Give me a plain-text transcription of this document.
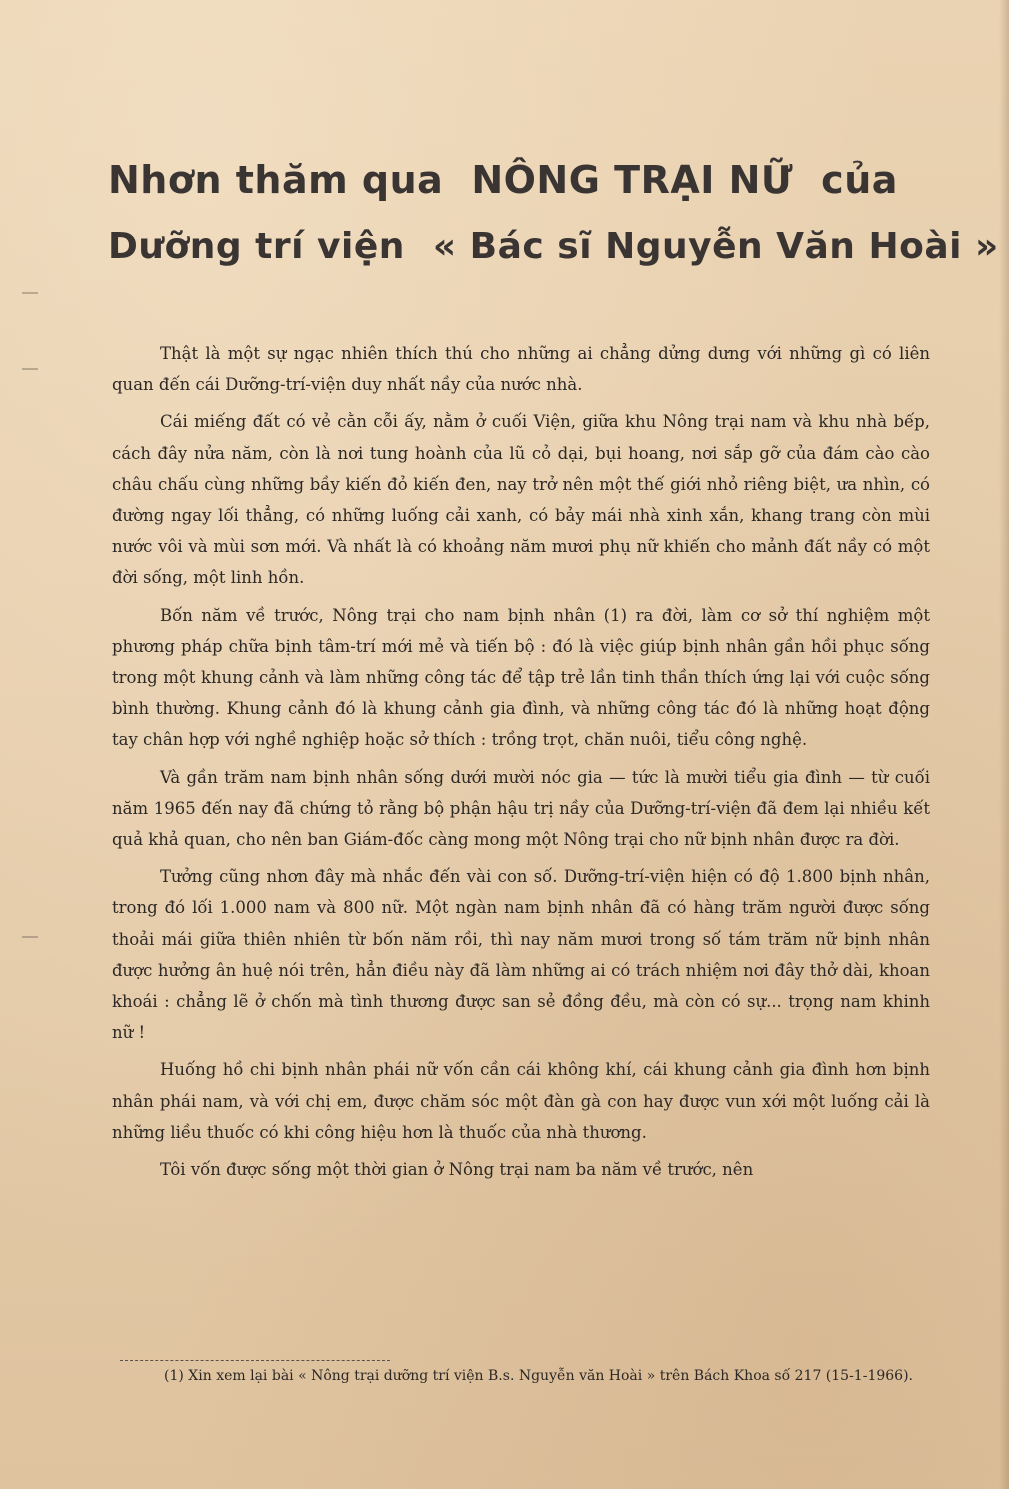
Nhơn thăm qua NÔNG TRẠI NỮ của
Dưỡng trí viện « Bác sĩ Nguyễn Văn Hoài »

Thật là một sự ngạc nhiên thích thú cho những ai chẳng dửng dưng với những gì có liên quan đến cái Dưỡng-trí-viện duy nhất nầy của nước nhà.

Cái miếng đất có vẻ cằn cỗi ấy, nằm ở cuối Viện, giữa khu Nông trại nam và khu nhà bếp, cách đây nửa năm, còn là nơi tung hoành của lũ cỏ dại, bụi hoang, nơi sắp gỡ của đám cào cào châu chấu cùng những bầy kiến đỏ kiến đen, nay trở nên một thế giới nhỏ riêng biệt, ưa nhìn, có đường ngay lối thẳng, có những luống cải xanh, có bảy mái nhà xinh xắn, khang trang còn mùi nước vôi và mùi sơn mới. Và nhất là có khoảng năm mươi phụ nữ khiến cho mảnh đất nầy có một đời sống, một linh hồn.

Bốn năm về trước, Nông trại cho nam bịnh nhân (1) ra đời, làm cơ sở thí nghiệm một phương pháp chữa bịnh tâm-trí mới mẻ và tiến bộ : đó là việc giúp bịnh nhân gần hồi phục sống trong một khung cảnh và làm những công tác để tập trẻ lần tinh thần thích ứng lại với cuộc sống bình thường. Khung cảnh đó là khung cảnh gia đình, và những công tác đó là những hoạt động tay chân hợp với nghề nghiệp hoặc sở thích : trồng trọt, chăn nuôi, tiểu công nghệ.

Và gần trăm nam bịnh nhân sống dưới mười nóc gia — tức là mười tiểu gia đình — từ cuối năm 1965 đến nay đã chứng tỏ rằng bộ phận hậu trị nầy của Dưỡng-trí-viện đã đem lại nhiều kết quả khả quan, cho nên ban Giám-đốc càng mong một Nông trại cho nữ bịnh nhân được ra đời.

Tưởng cũng nhơn đây mà nhắc đến vài con số. Dưỡng-trí-viện hiện có độ 1.800 bịnh nhân, trong đó lối 1.000 nam và 800 nữ. Một ngàn nam bịnh nhân đã có hàng trăm người được sống thoải mái giữa thiên nhiên từ bốn năm rồi, thì nay năm mươi trong số tám trăm nữ bịnh nhân được hưởng ân huệ nói trên, hẳn điều này đã làm những ai có trách nhiệm nơi đây thở dài, khoan khoái : chẳng lẽ ở chốn mà tình thương được san sẻ đồng đều, mà còn có sự... trọng nam khinh nữ !

Huống hồ chi bịnh nhân phái nữ vốn cần cái không khí, cái khung cảnh gia đình hơn bịnh nhân phái nam, và với chị em, được chăm sóc một đàn gà con hay được vun xới một luống cải là những liều thuốc có khi công hiệu hơn là thuốc của nhà thương.

Tôi vốn được sống một thời gian ở Nông trại nam ba năm về trước, nên

(1) Xin xem lại bài « Nông trại dưỡng trí viện B.s. Nguyễn văn Hoài » trên Bách Khoa số 217 (15-1-1966).
